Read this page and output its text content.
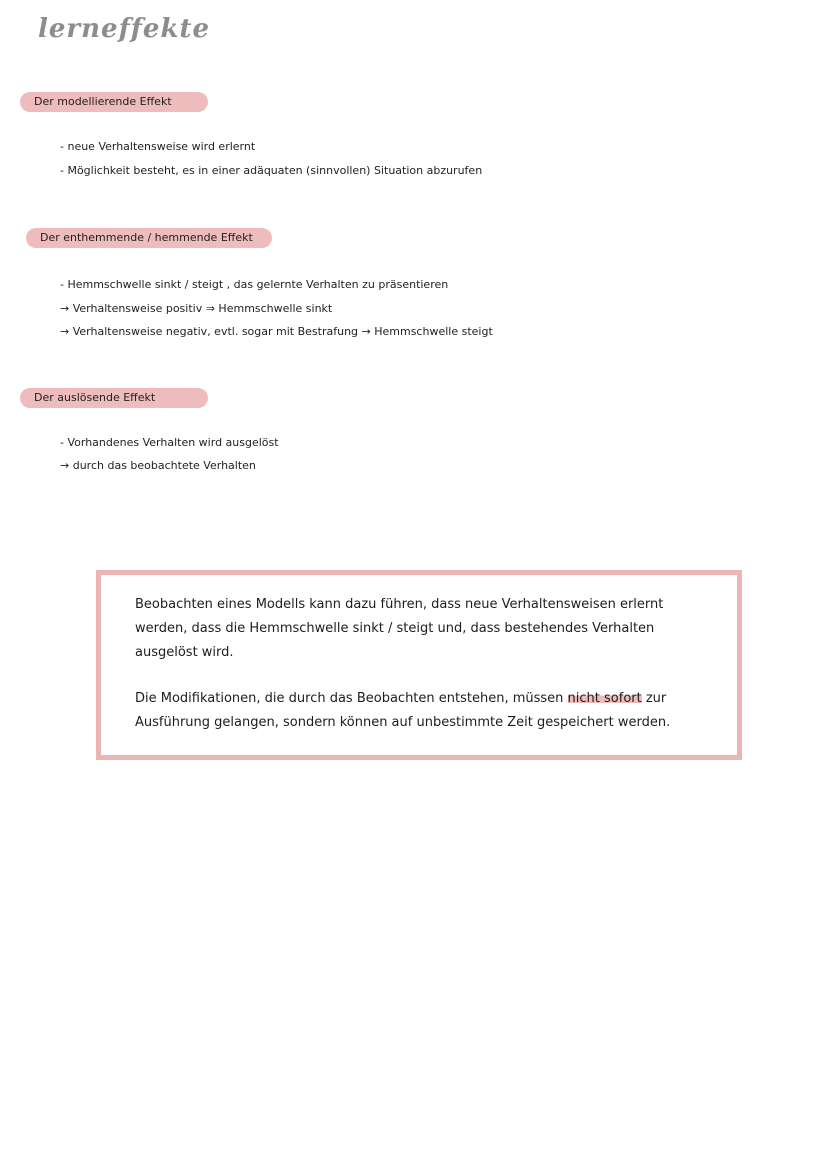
lerneffekte
Der modellierende Effekt
- neue Verhaltensweise wird erlernt
- Möglichkeit besteht, es in einer adäquaten (sinnvollen) Situation abzurufen
Der enthemmende / hemmende Effekt
- Hemmschwelle sinkt / steigt , das gelernte Verhalten zu präsentieren
→ Verhaltensweise positiv ⇒ Hemmschwelle sinkt
→ Verhaltensweise negativ, evtl. sogar mit Bestrafung → Hemmschwelle steigt
Der auslösende Effekt
- Vorhandenes Verhalten wird ausgelöst
→ durch das beobachtete Verhalten
Beobachten eines Modells kann dazu führen, dass neue Verhaltensweisen erlernt werden, dass die Hemmschwelle sinkt / steigt und, dass bestehendes Verhalten ausgelöst wird.
Die Modifikationen, die durch das Beobachten entstehen, müssen nicht sofort zur Ausführung gelangen, sondern können auf unbestimmte Zeit gespeichert werden.
